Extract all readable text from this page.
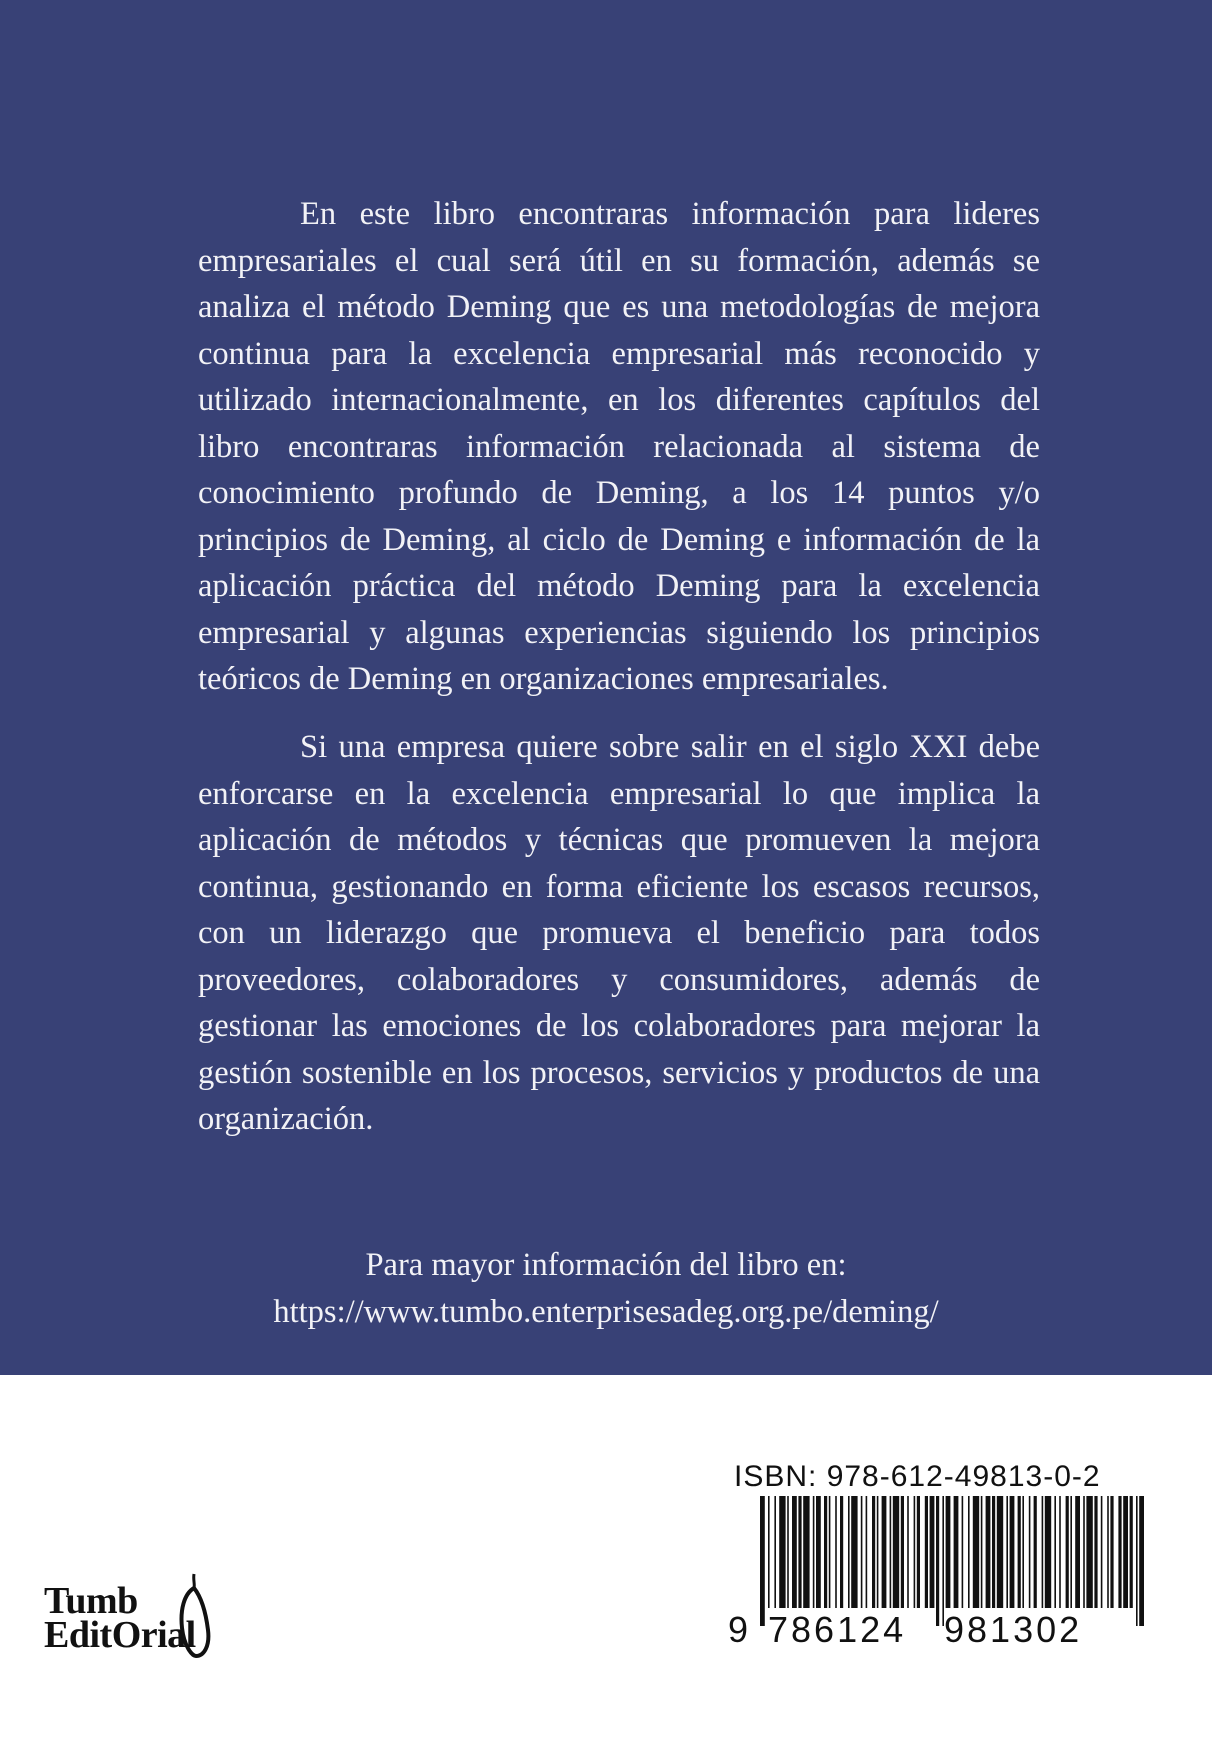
En este libro encontraras información para lideres empresariales el cual será útil en su formación, además se analiza el método Deming que es una metodologías de mejora continua para la excelencia empresarial más reconocido y utilizado internacionalmente, en los diferentes capítulos del libro encontraras información relacionada al sistema de conocimiento profundo de Deming, a los 14 puntos y/o principios de Deming, al ciclo de Deming e información de la aplicación práctica del método Deming para la excelencia empresarial y algunas experiencias siguiendo los principios teóricos de Deming en organizaciones empresariales.

Si una empresa quiere sobre salir en el siglo XXI debe enforcarse en la excelencia empresarial lo que implica la aplicación de métodos y técnicas que promueven la mejora continua, gestionando en forma eficiente los escasos recursos, con un liderazgo que promueva el beneficio para todos proveedores, colaboradores y consumidores, además de gestionar las emociones de los colaboradores para mejorar la gestión sostenible en los procesos, servicios y productos de una organización.

Para mayor información del libro en:
https://www.tumbo.enterprisesadeg.org.pe/deming/
Tumb
EditOrial
ISBN: 978-612-49813-0-2
9 786124 981302
